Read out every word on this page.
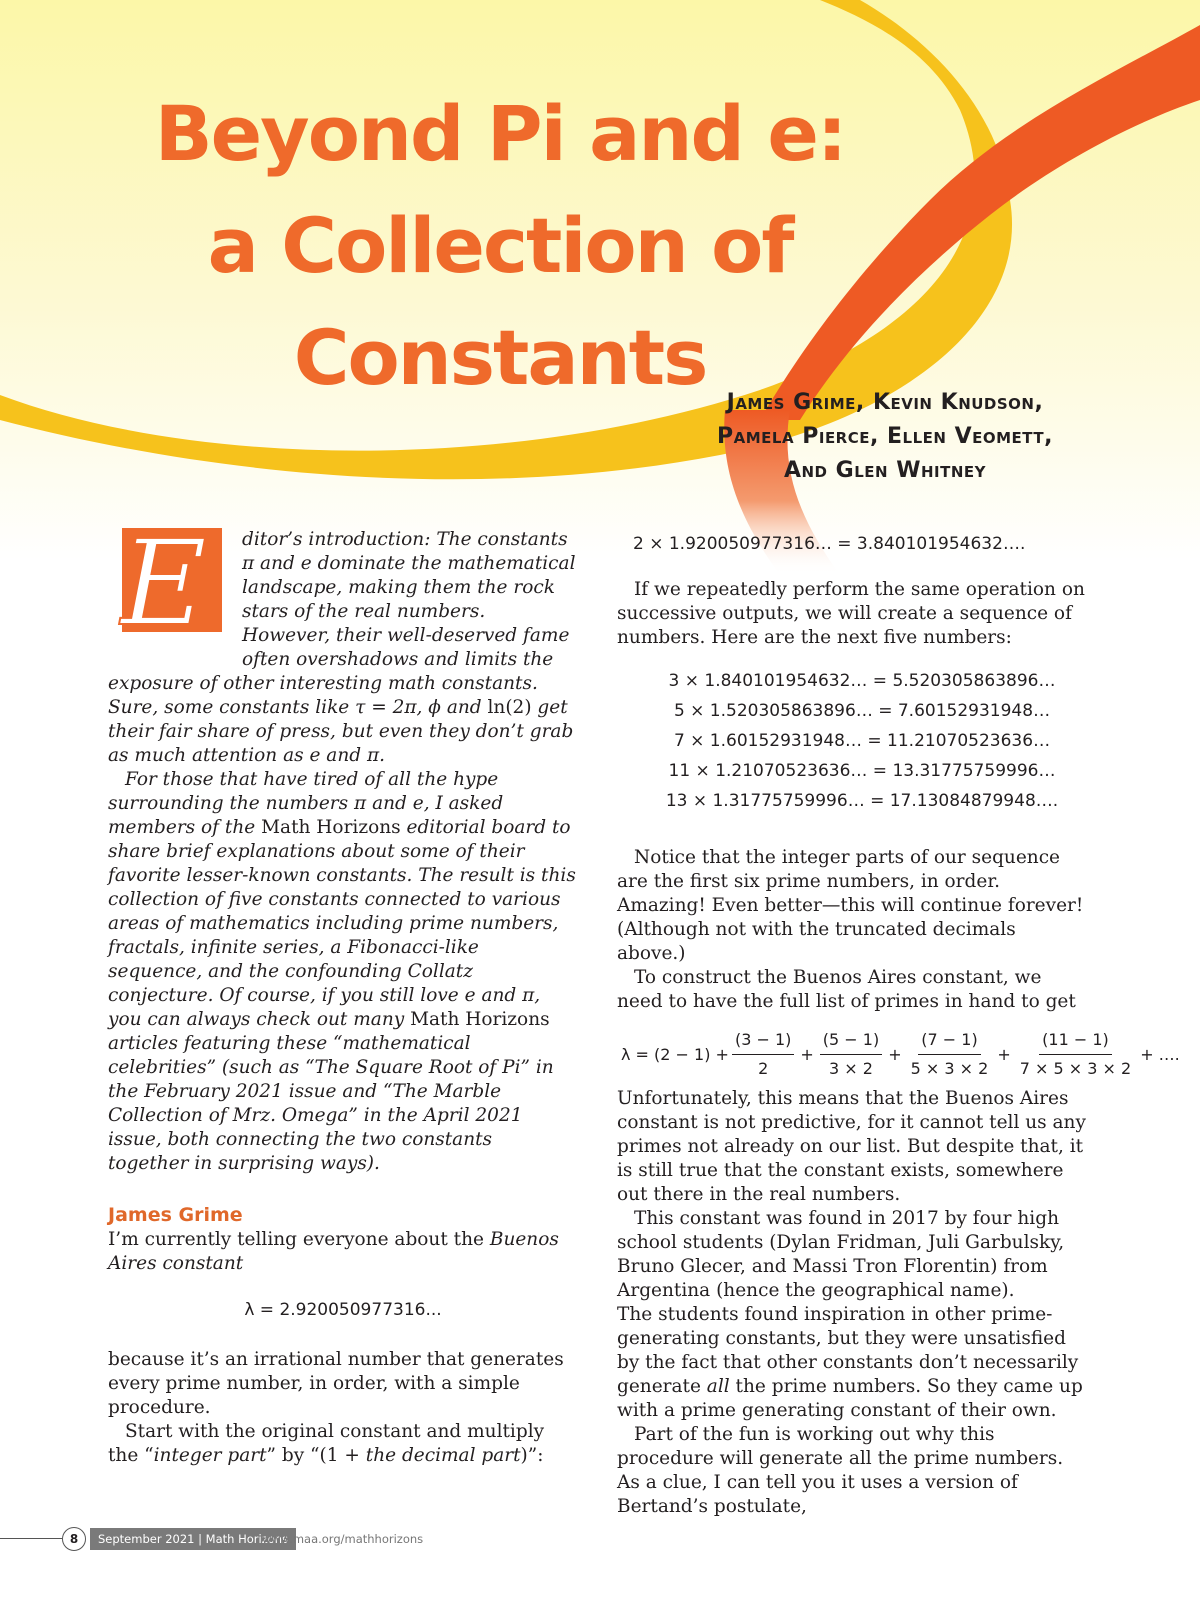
Beyond Pi and e:
a Collection of
Constants
James Grime, Kevin Knudson,
Pamela Pierce, Ellen Veomett,
And Glen Whitney
E	ditor’s introduction: The constants π and e dominate the mathematical landscape, making them the rock stars of the real numbers. However, their well-deserved fame often overshadows and limits the exposure of other interesting math constants. Sure, some constants like τ = 2π, ϕ and ln(2) get their fair share of press, but even they don’t grab as much attention as e and π.

For those that have tired of all the hype surrounding the numbers π and e, I asked members of the Math Horizons editorial board to share brief explanations about some of their favorite lesser-known constants. The result is this collection of five constants connected to various areas of mathematics including prime numbers, fractals, infinite series, a Fibonacci-like sequence, and the confounding Collatz conjecture. Of course, if you still love e and π, you can always check out many Math Horizons articles featuring these “mathematical celebrities” (such as “The Square Root of Pi” in the February 2021 issue and “The Marble Collection of Mrz. Omega” in the April 2021 issue, both connecting the two constants together in surprising ways).

James Grime

I’m currently telling everyone about the Buenos Aires constant

λ = 2.920050977316...

because it’s an irrational number that generates every prime number, in order, with a simple procedure.

Start with the original constant and multiply the “integer part” by “(1 + the decimal part)”:

2 × 1.920050977316… = 3.840101954632….

If we repeatedly perform the same operation on successive outputs, we will create a sequence of numbers. Here are the next five numbers:

3 × 1.840101954632… = 5.520305863896…
5 × 1.520305863896… = 7.60152931948…
7 × 1.60152931948… = 11.21070523636…
11 × 1.21070523636… = 13.31775759996…
13 × 1.31775759996… = 17.13084879948….

Notice that the integer parts of our sequence are the first six prime numbers, in order. Amazing! Even better—this will continue forever! (Although not with the truncated decimals above.)

To construct the Buenos Aires constant, we need to have the full list of primes in hand to get

$\lambda = (2 - 1) + \frac{(3 - 1)}{2} + \frac{(5 - 1)}{3 \times 2} + \frac{(7 - 1)}{5 \times 3 \times 2} + \frac{(11 - 1)}{7 \times 5 \times 3 \times 2}$ + ….

Unfortunately, this means that the Buenos Aires constant is not predictive, for it cannot tell us any primes not already on our list. But despite that, it is still true that the constant exists, somewhere out there in the real numbers.

This constant was found in 2017 by four high school students (Dylan Fridman, Juli Garbulsky, Bruno Glecer, and Massi Tron Florentin) from Argentina (hence the geographical name).

The students found inspiration in other prime-generating constants, but they were unsatisfied by the fact that other constants don’t necessarily generate all the prime numbers. So they came up with a prime generating constant of their own.

Part of the fun is working out why this procedure will generate all the prime numbers. As a clue, I can tell you it uses a version of Bertand’s postulate,

8	September 2021 | Math Horizons
www.maa.org/mathhorizons
